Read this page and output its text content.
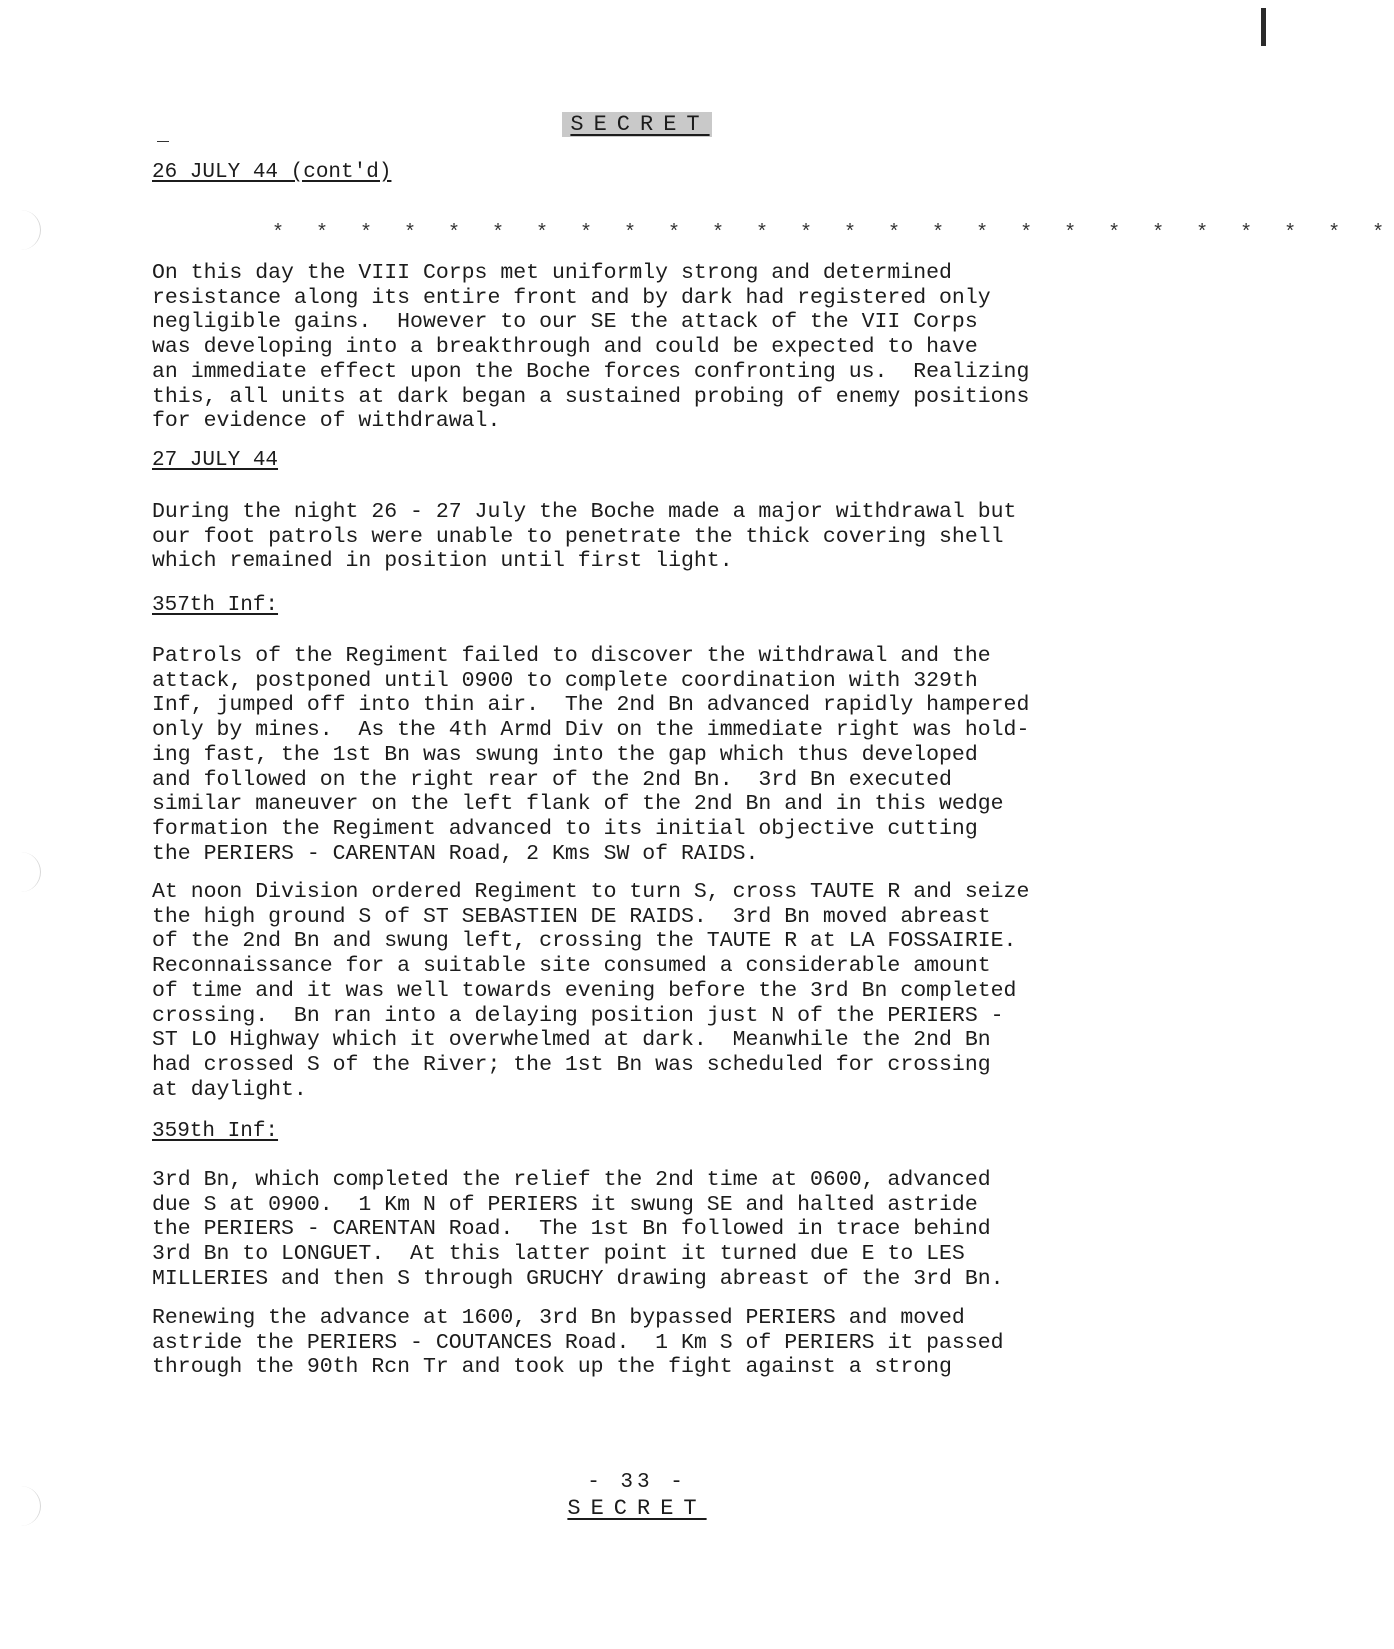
SECRET
26 JULY 44 (cont'd)
* * * * * * * * * * * * * * * * * * * * * * * * * *

On this day the VIII Corps met uniformly strong and determined
resistance along its entire front and by dark had registered only
negligible gains.  However to our SE the attack of the VII Corps
was developing into a breakthrough and could be expected to have
an immediate effect upon the Boche forces confronting us.  Realizing
this, all units at dark began a sustained probing of enemy positions
for evidence of withdrawal.

27 JULY 44

During the night 26 - 27 July the Boche made a major withdrawal but
our foot patrols were unable to penetrate the thick covering shell
which remained in position until first light.

357th Inf:

Patrols of the Regiment failed to discover the withdrawal and the
attack, postponed until 0900 to complete coordination with 329th
Inf, jumped off into thin air.  The 2nd Bn advanced rapidly hampered
only by mines.  As the 4th Armd Div on the immediate right was hold-
ing fast, the 1st Bn was swung into the gap which thus developed
and followed on the right rear of the 2nd Bn.  3rd Bn executed
similar maneuver on the left flank of the 2nd Bn and in this wedge
formation the Regiment advanced to its initial objective cutting
the PERIERS - CARENTAN Road, 2 Kms SW of RAIDS.

At noon Division ordered Regiment to turn S, cross TAUTE R and seize
the high ground S of ST SEBASTIEN DE RAIDS.  3rd Bn moved abreast
of the 2nd Bn and swung left, crossing the TAUTE R at LA FOSSAIRIE.
Reconnaissance for a suitable site consumed a considerable amount
of time and it was well towards evening before the 3rd Bn completed
crossing.  Bn ran into a delaying position just N of the PERIERS -
ST LO Highway which it overwhelmed at dark.  Meanwhile the 2nd Bn
had crossed S of the River; the 1st Bn was scheduled for crossing
at daylight.

359th Inf:

3rd Bn, which completed the relief the 2nd time at 0600, advanced
due S at 0900.  1 Km N of PERIERS it swung SE and halted astride
the PERIERS - CARENTAN Road.  The 1st Bn followed in trace behind
3rd Bn to LONGUET.  At this latter point it turned due E to LES
MILLERIES and then S through GRUCHY drawing abreast of the 3rd Bn.

Renewing the advance at 1600, 3rd Bn bypassed PERIERS and moved
astride the PERIERS - COUTANCES Road.  1 Km S of PERIERS it passed
through the 90th Rcn Tr and took up the fight against a strong

- 33 -
SECRET
